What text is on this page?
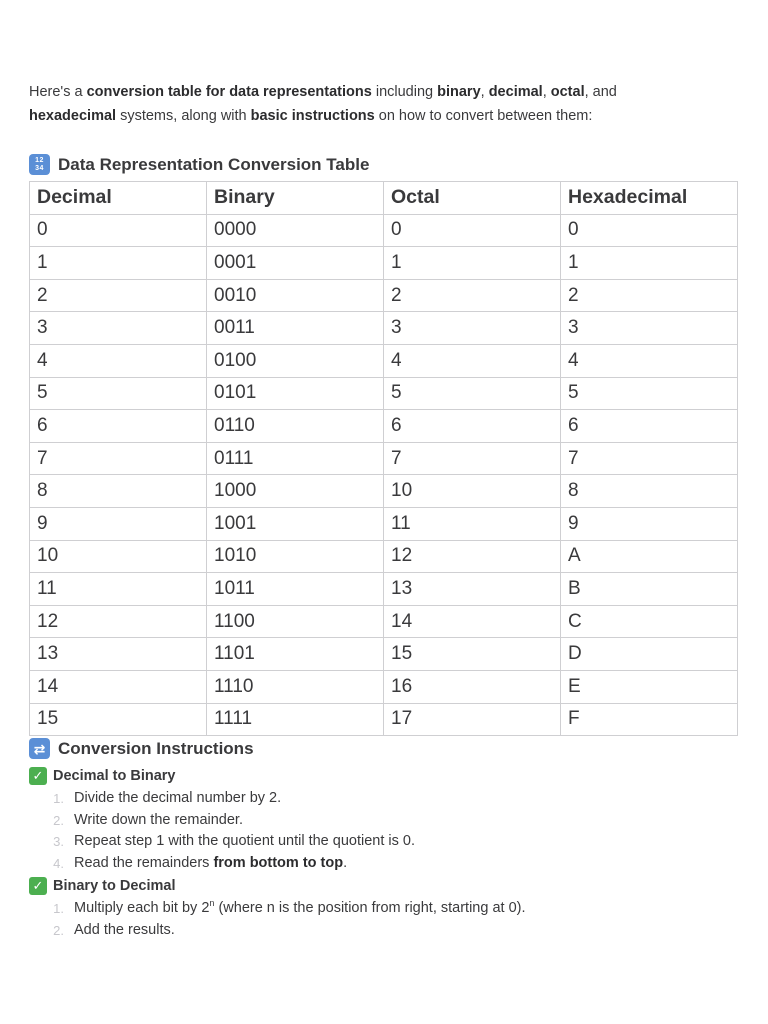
Here's a conversion table for data representations including binary, decimal, octal, and
hexadecimal systems, along with basic instructions on how to convert between them:

12
34 Data Representation Conversion Table
Decimal	Binary	Octal	Hexadecimal
0	0000	0	0
1	0001	1	1
2	0010	2	2
3	0011	3	3
4	0100	4	4
5	0101	5	5
6	0110	6	6
7	0111	7	7
8	1000	10	8
9	1001	11	9
10	1010	12	A
11	1011	13	B
12	1100	14	C
13	1101	15	D
14	1110	16	E
15	1111	17	F
⇄ Conversion Instructions
✓ Decimal to Binary
1. Divide the decimal number by 2.
2. Write down the remainder.
3. Repeat step 1 with the quotient until the quotient is 0.
4. Read the remainders from bottom to top.
✓ Binary to Decimal
1. Multiply each bit by 2$^n$ (where n is the position from right, starting at 0).
2. Add the results.
